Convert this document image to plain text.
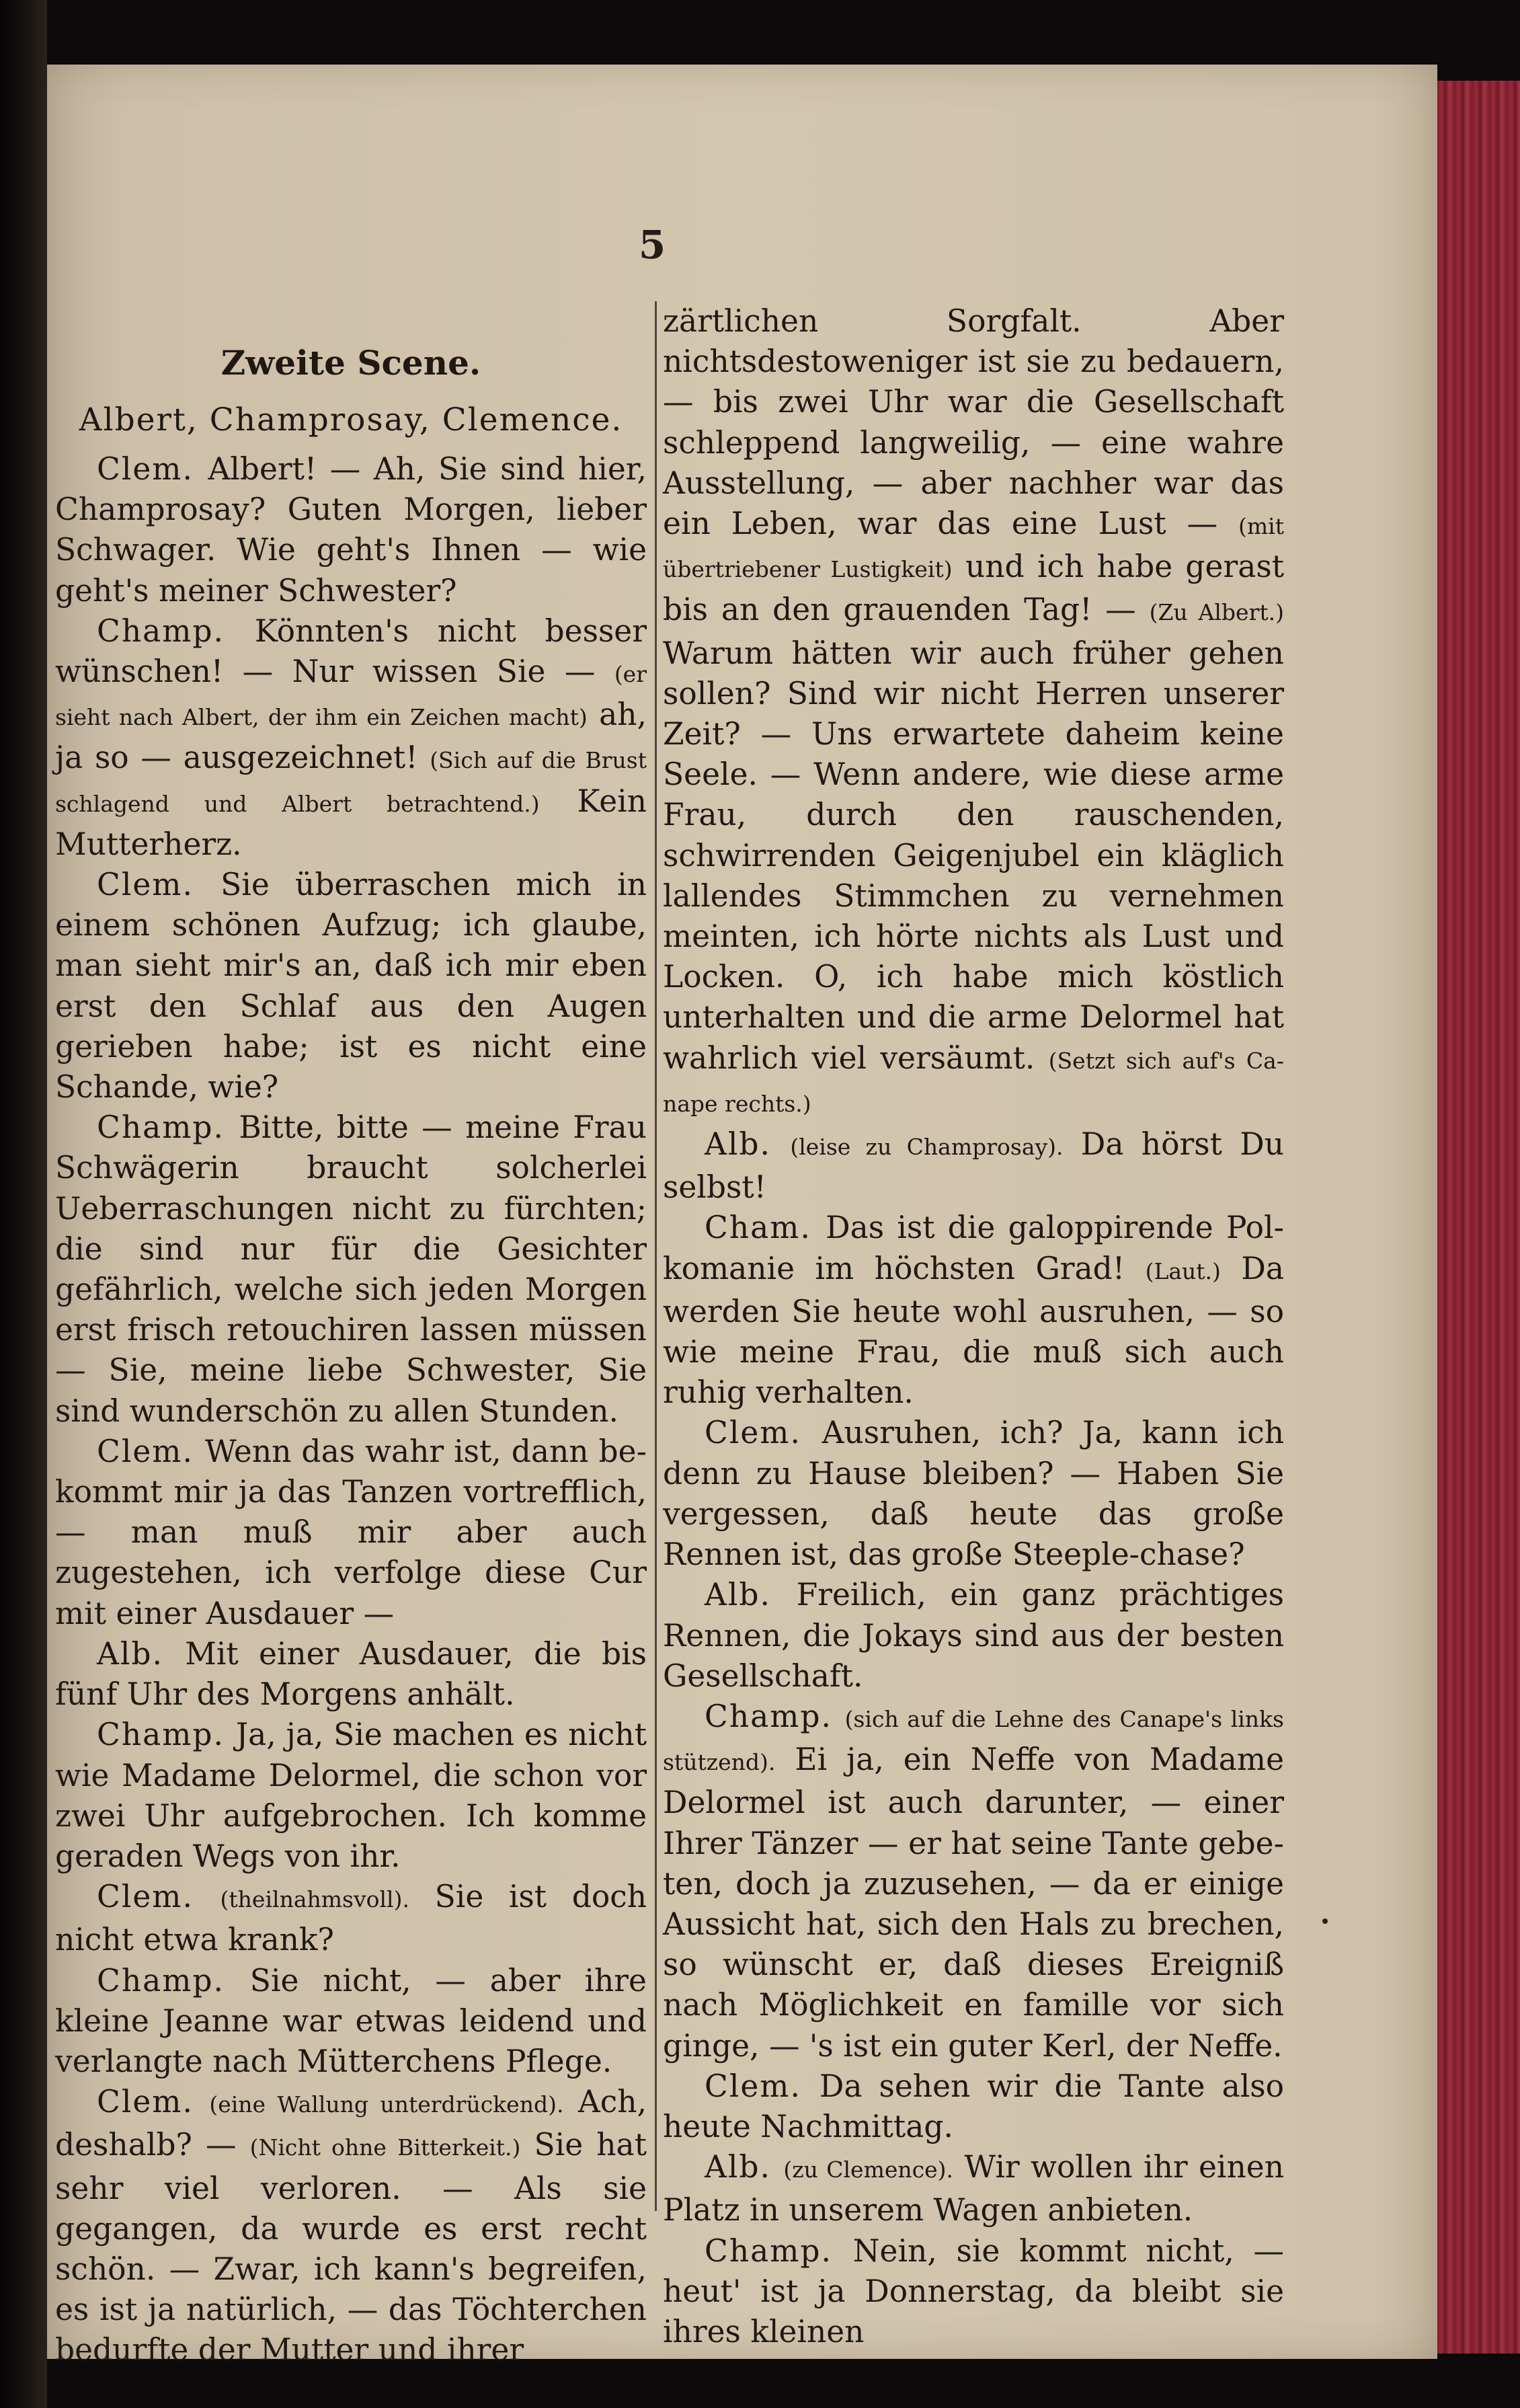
5
Zweite Scene.
Albert, Champrosay, Clemence.

Clem. Albert! — Ah, Sie sind hier, Champrosay? Guten Morgen, lieber Schwager. Wie geht's Ihnen — wie geht's meiner Schwester?

Champ. Könnten's nicht besser wünschen! — Nur wissen Sie — (er sieht nach Albert, der ihm ein Zeichen macht) ah, ja so — ausgezeichnet! (Sich auf die Brust schlagend und Albert betrachtend.) Kein Mutterherz.

Clem. Sie überraschen mich in einem schönen Aufzug; ich glaube, man sieht mir's an, daß ich mir eben erst den Schlaf aus den Augen gerieben habe; ist es nicht eine Schande, wie?

Champ. Bitte, bitte — meine Frau Schwägerin braucht solcherlei Ueberraschungen nicht zu fürchten; die sind nur für die Gesichter gefährlich, welche sich jeden Morgen erst frisch retouchiren lassen müssen — Sie, meine liebe Schwester, Sie sind wunderschön zu allen Stunden.

Clem. Wenn das wahr ist, dann bekommt mir ja das Tanzen vortrefflich, — man muß mir aber auch zugestehen, ich verfolge diese Cur mit einer Ausdauer —

Alb. Mit einer Ausdauer, die bis fünf Uhr des Morgens anhält.

Champ. Ja, ja, Sie machen es nicht wie Madame Delormel, die schon vor zwei Uhr aufgebrochen. Ich komme geraden Wegs von ihr.

Clem. (theilnahmsvoll). Sie ist doch nicht etwa krank?

Champ. Sie nicht, — aber ihre kleine Jeanne war etwas leidend und verlangte nach Mütterchens Pflege.

Clem. (eine Wallung unterdrückend). Ach, deshalb? — (Nicht ohne Bitterkeit.) Sie hat sehr viel verloren. — Als sie gegangen, da wurde es erst recht schön. — Zwar, ich kann's begreifen, es ist ja natürlich, — das Töchterchen bedurfte der Mutter und ihrer

zärtlichen Sorgfalt. Aber nichtsdestoweniger ist sie zu bedauern, — bis zwei Uhr war die Gesellschaft schleppend langweilig, — eine wahre Ausstellung, — aber nachher war das ein Leben, war das eine Lust — (mit übertriebener Lustigkeit) und ich habe gerast bis an den grauenden Tag! — (Zu Albert.) Warum hätten wir auch früher gehen sollen? Sind wir nicht Herren unserer Zeit? — Uns erwartete daheim keine Seele. — Wenn andere, wie diese arme Frau, durch den rauschenden, schwirrenden Geigenjubel ein kläglich lallendes Stimmchen zu vernehmen meinten, ich hörte nichts als Lust und Locken. O, ich habe mich köstlich unterhalten und die arme Delormel hat wahrlich viel versäumt. (Setzt sich auf's Canape rechts.)

Alb. (leise zu Champrosay). Da hörst Du selbst!

Cham. Das ist die galoppirende Polkomanie im höchsten Grad! (Laut.) Da werden Sie heute wohl ausruhen, — so wie meine Frau, die muß sich auch ruhig verhalten.

Clem. Ausruhen, ich? Ja, kann ich denn zu Hause bleiben? — Haben Sie vergessen, daß heute das große Rennen ist, das große Steeple-chase?

Alb. Freilich, ein ganz prächtiges Rennen, die Jokays sind aus der besten Gesellschaft.

Champ. (sich auf die Lehne des Canape's links stützend). Ei ja, ein Neffe von Madame Delormel ist auch darunter, — einer Ihrer Tänzer — er hat seine Tante gebeten, doch ja zuzusehen, — da er einige Aussicht hat, sich den Hals zu brechen, so wünscht er, daß dieses Ereigniß nach Möglichkeit en famille vor sich ginge, — 's ist ein guter Kerl, der Neffe.

Clem. Da sehen wir die Tante also heute Nachmittag.

Alb. (zu Clemence). Wir wollen ihr einen Platz in unserem Wagen anbieten.

Champ. Nein, sie kommt nicht, — heut' ist ja Donnerstag, da bleibt sie ihres kleinen
